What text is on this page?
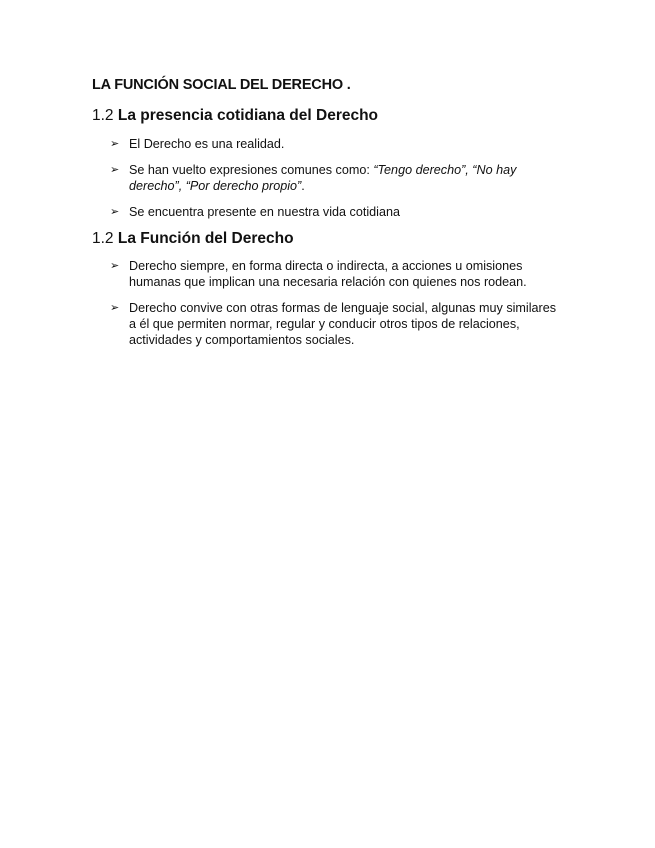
LA FUNCIÓN SOCIAL DEL DERECHO .
1.2 La presencia cotidiana del Derecho
➢ El Derecho es una realidad.
➢ Se han vuelto expresiones comunes como: “Tengo derecho”, “No hay derecho”, “Por derecho propio”.
➢ Se encuentra presente en nuestra vida cotidiana
1.2 La Función del Derecho
➢ Derecho siempre, en forma directa o indirecta, a acciones u omisiones humanas que implican una necesaria relación con quienes nos rodean.
➢ Derecho convive con otras formas de lenguaje social, algunas muy similares a él que permiten normar, regular y conducir otros tipos de relaciones, actividades y comportamientos sociales.
